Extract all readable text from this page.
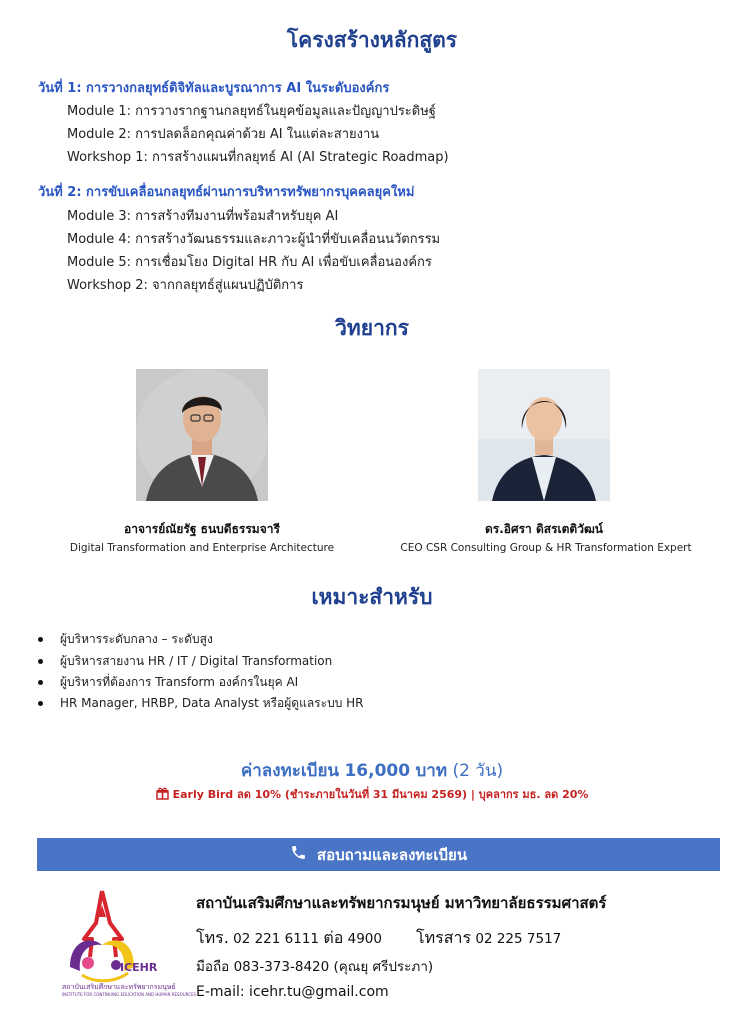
โครงสร้างหลักสูตร
วันที่ 1: การวางกลยุทธ์ดิจิทัลและบูรณาการ AI ในระดับองค์กร
Module 1: การวางรากฐานกลยุทธ์ในยุคข้อมูลและปัญญาประดิษฐ์
Module 2: การปลดล็อกคุณค่าด้วย AI ในแต่ละสายงาน
Workshop 1: การสร้างแผนที่กลยุทธ์ AI (AI Strategic Roadmap)
วันที่ 2: การขับเคลื่อนกลยุทธ์ผ่านการบริหารทรัพยากรบุคคลยุคใหม่
Module 3: การสร้างทีมงานที่พร้อมสำหรับยุค AI
Module 4: การสร้างวัฒนธรรมและภาวะผู้นำที่ขับเคลื่อนนวัตกรรม
Module 5: การเชื่อมโยง Digital HR กับ AI เพื่อขับเคลื่อนองค์กร
Workshop 2: จากกลยุทธ์สู่แผนปฏิบัติการ
วิทยากร
อาจารย์ณัยรัฐ ธนบดีธรรมจารี
Digital Transformation and Enterprise Architecture
ดร.อิศรา ดิสรเตติวัฒน์
CEO CSR Consulting Group & HR Transformation Expert
เหมาะสำหรับ
ผู้บริหารระดับกลาง – ระดับสูง
ผู้บริหารสายงาน HR / IT / Digital Transformation
ผู้บริหารที่ต้องการ Transform องค์กรในยุค AI
HR Manager, HRBP, Data Analyst หรือผู้ดูแลระบบ HR
ค่าลงทะเบียน 16,000 บาท (2 วัน)
Early Bird ลด 10% (ชำระภายในวันที่ 31 มีนาคม 2569) | บุคลากร มธ. ลด 20%
สอบถามและลงทะเบียน
ICEHR
สถาบันเสริมศึกษาและทรัพยากรมนุษย์
INSTITUTE FOR CONTINUING EDUCATION AND HUMAN RESOURCES
สถาบันเสริมศึกษาและทรัพยากรมนุษย์ มหาวิทยาลัยธรรมศาสตร์
โทร. 02 221 6111 ต่อ 4900 โทรสาร 02 225 7517
มือถือ 083-373-8420 (คุณยุ ศรีประภา)
E-mail: icehr.tu@gmail.com
